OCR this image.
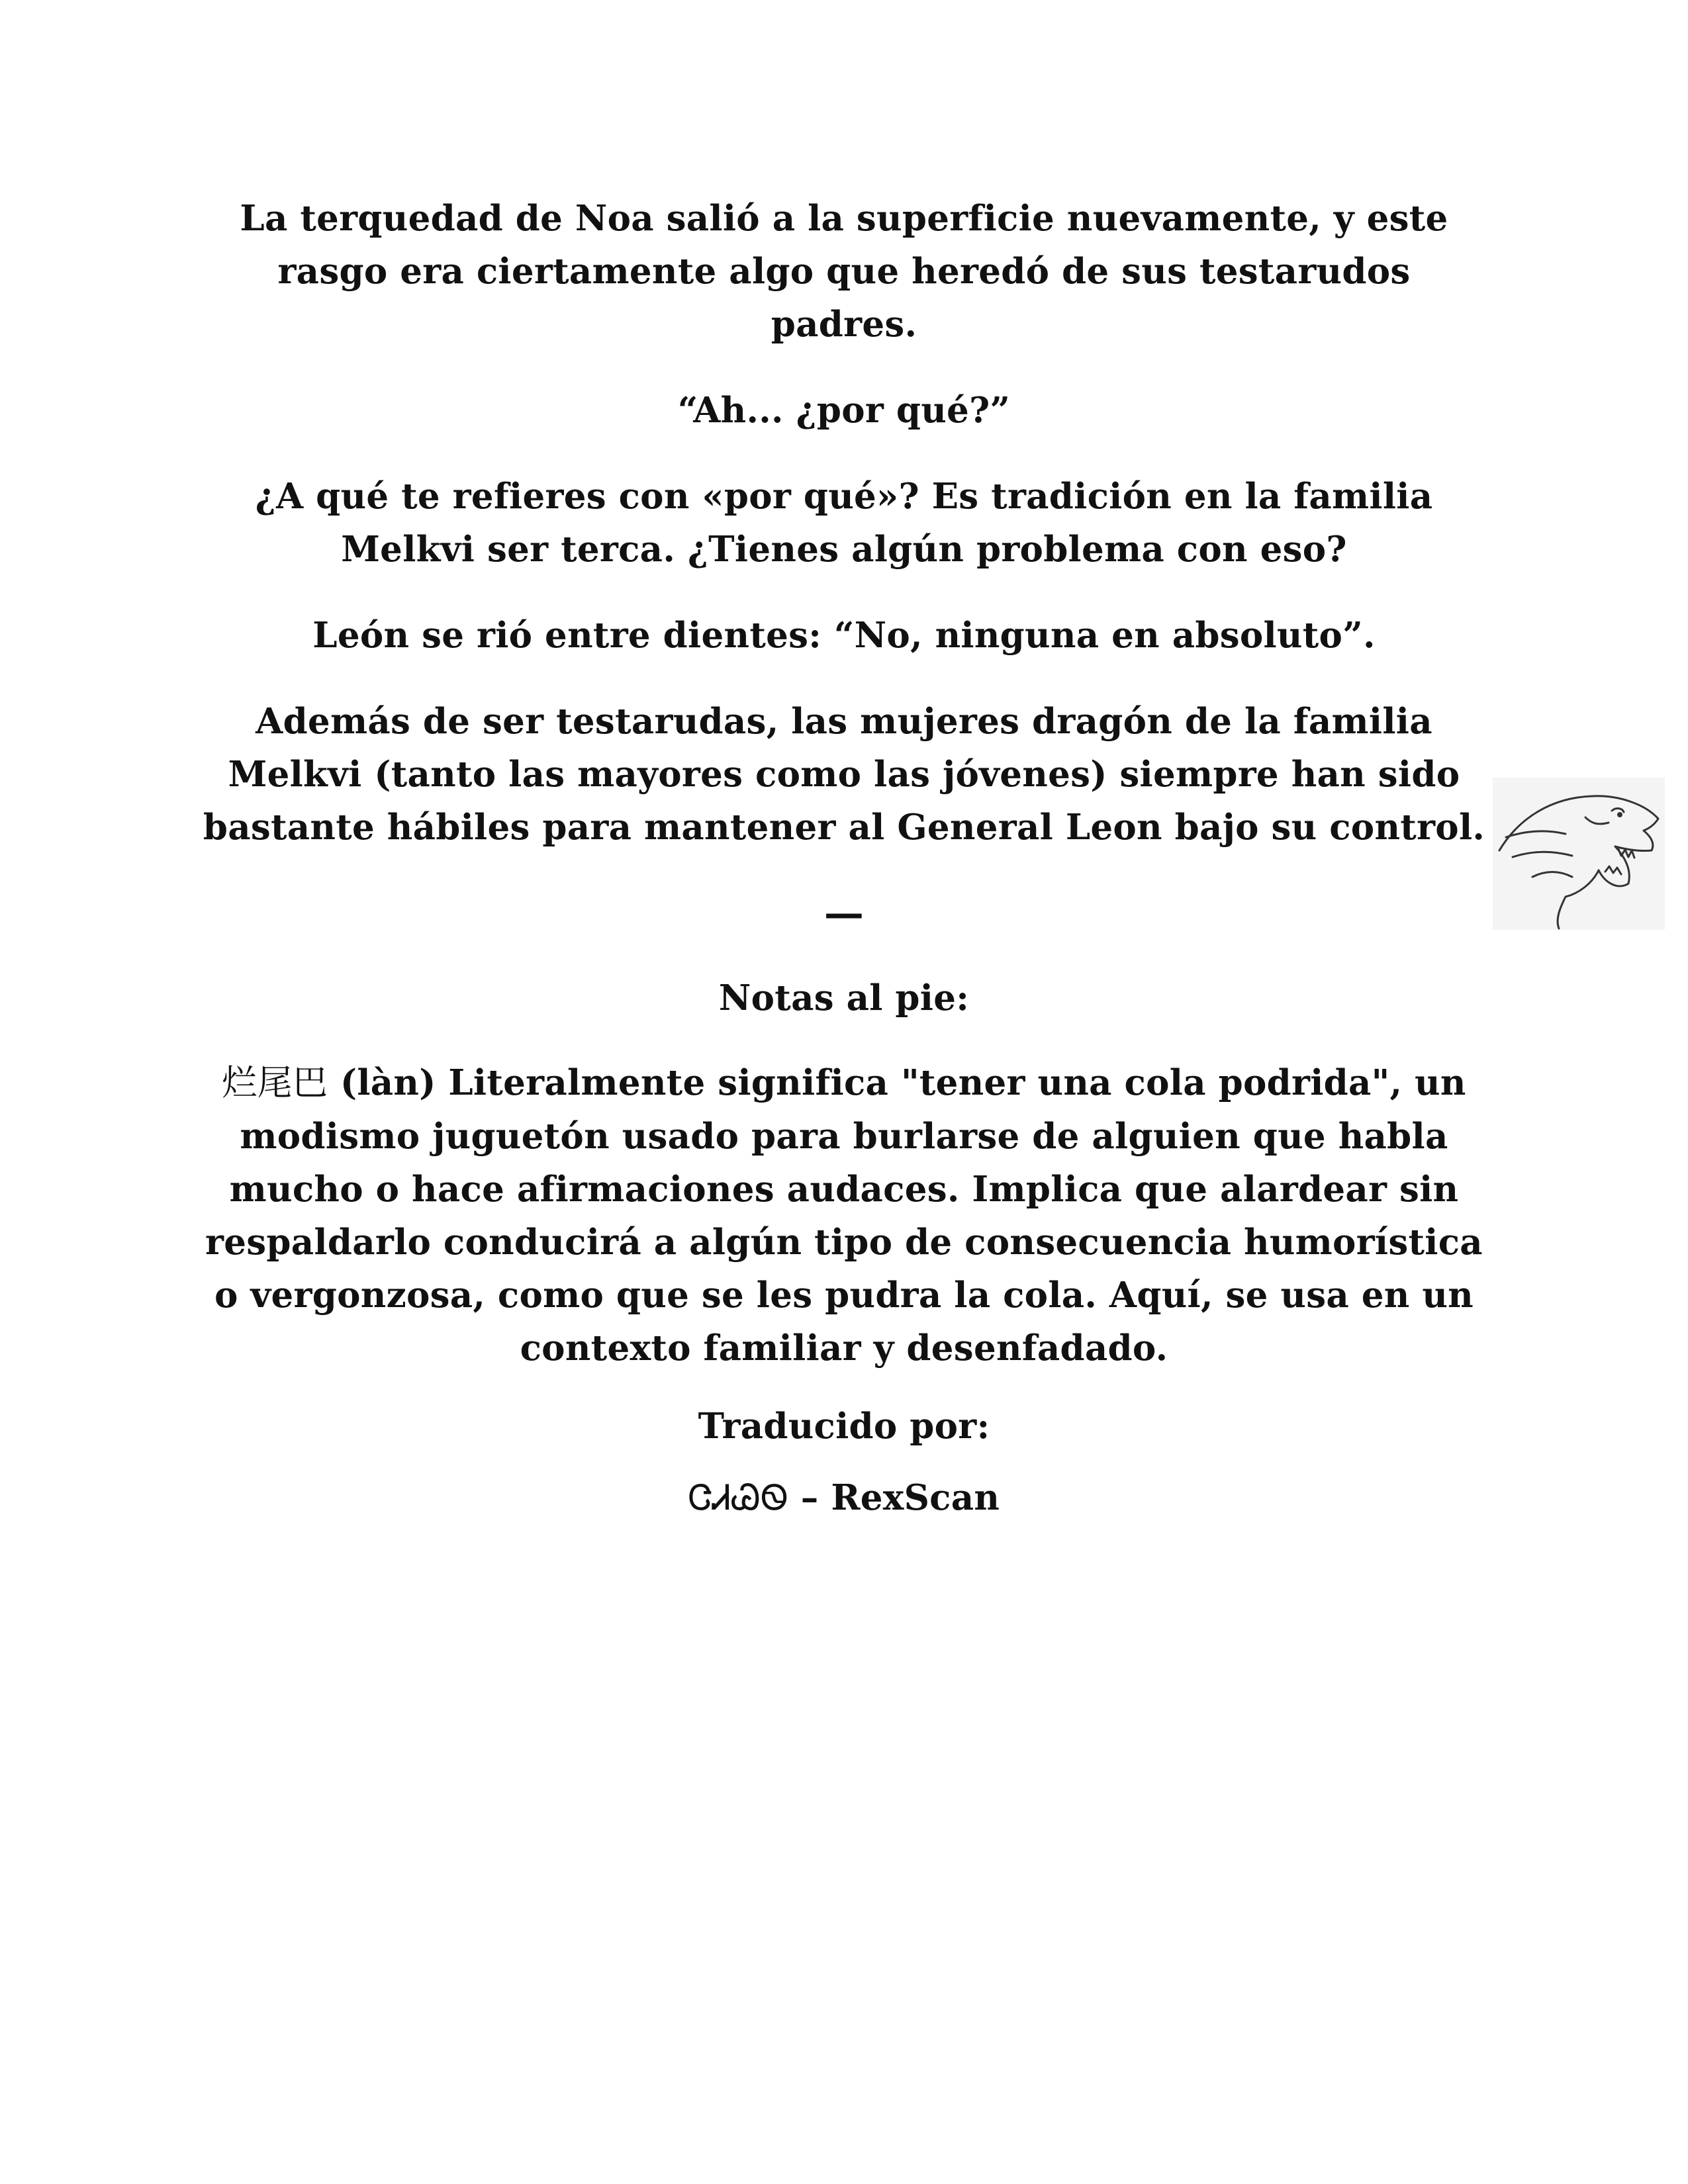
La terquedad de Noa salió a la superficie nuevamente, y este rasgo era ciertamente algo que heredó de sus testarudos padres.

“Ah... ¿por qué?”

¿A qué te refieres con «por qué»? Es tradición en la familia Melkvi ser terca. ¿Tienes algún problema con eso?

León se rió entre dientes: “No, ninguna en absoluto”.

Además de ser testarudas, las mujeres dragón de la familia Melkvi (tanto las mayores como las jóvenes) siempre han sido bastante hábiles para mantener al General Leon bajo su control.

—

Notas al pie:

烂尾巴 (làn) Literalmente significa "tener una cola podrida", un modismo juguetón usado para burlarse de alguien que habla mucho o hace afirmaciones audaces. Implica que alardear sin respaldarlo conducirá a algún tipo de consecuencia humorística o vergonzosa, como que se les pudra la cola. Aquí, se usa en un contexto familiar y desenfadado.

Traducido por:

ᏣᏗᏊᏫ – RexScan
